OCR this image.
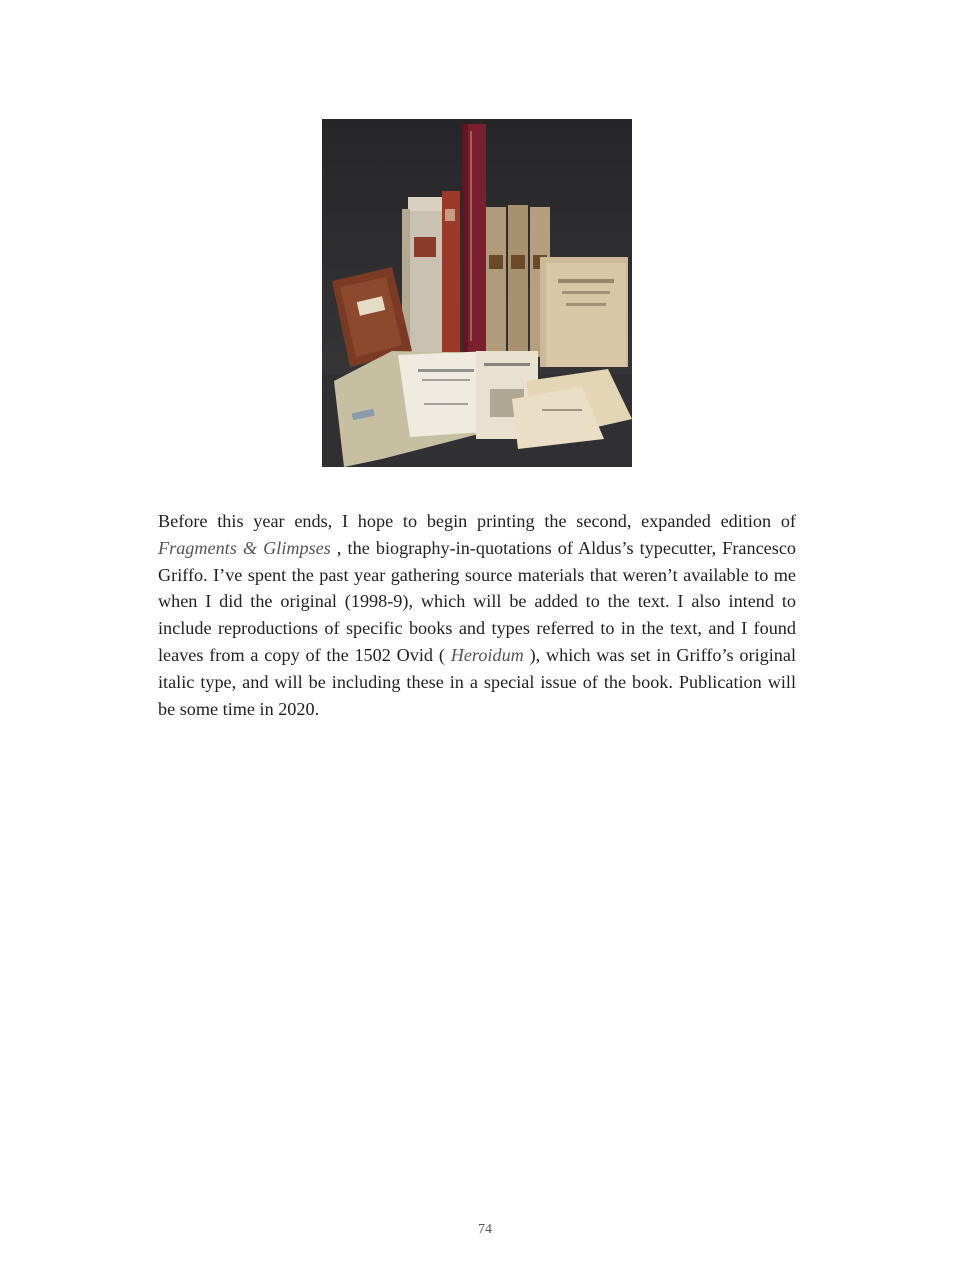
Before this year ends, I hope to begin printing the second, expanded edition of Fragments & Glimpses , the biography-in-quotations of Aldus’s typecutter, Francesco Griffo. I’ve spent the past year gathering source materials that weren’t available to me when I did the original (1998-9), which will be added to the text. I also intend to include reproductions of specific books and types referred to in the text, and I found leaves from a copy of the 1502 Ovid ( Heroidum ), which was set in Griffo’s original italic type, and will be including these in a special issue of the book. Publication will be some time in 2020.

74
